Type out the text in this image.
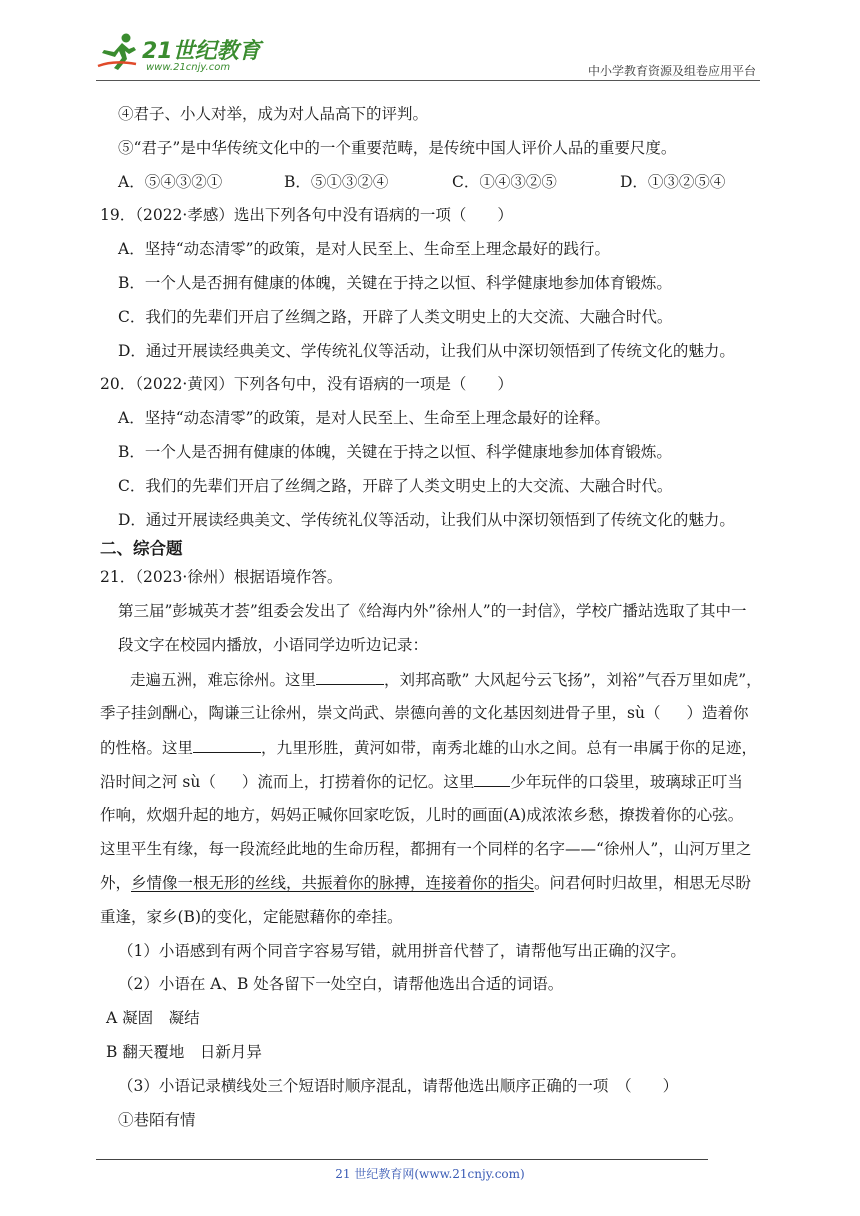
21世纪教育
www.21cnjy.com	中小学教育资源及组卷应用平台
④君子、小人对举，成为对人品高下的评判。
⑤“君子”是中华传统文化中的一个重要范畴，是传统中国人评价人品的重要尺度。
A．⑤④③②①	B．⑤①③②④	C．①④③②⑤	D．①③②⑤④
19．（2022·孝感）选出下列各句中没有语病的一项（　　）
A．坚持“动态清零”的政策，是对人民至上、生命至上理念最好的践行。
B．一个人是否拥有健康的体魄，关键在于持之以恒、科学健康地参加体育锻炼。
C．我们的先辈们开启了丝绸之路，开辟了人类文明史上的大交流、大融合时代。
D．通过开展读经典美文、学传统礼仪等活动，让我们从中深切领悟到了传统文化的魅力。
20．（2022·黄冈）下列各句中，没有语病的一项是（　　）
A．坚持“动态清零”的政策，是对人民至上、生命至上理念最好的诠释。
B．一个人是否拥有健康的体魄，关键在于持之以恒、科学健康地参加体育锻炼。
C．我们的先辈们开启了丝绸之路，开辟了人类文明史上的大交流、大融合时代。
D．通过开展读经典美文、学传统礼仪等活动，让我们从中深切领悟到了传统文化的魅力。
二、综合题
21．（2023·徐州）根据语境作答。
第三届”彭城英才荟”组委会发出了《给海内外”徐州人”的一封信》，学校广播站选取了其中一
段文字在校园内播放，小语同学边听边记录：
走遍五洲，难忘徐州。这里	，刘邦高歌” 大风起兮云飞扬”，刘裕”气吞万里如虎”，
季子挂剑酬心，陶谦三让徐州，崇文尚武、崇德向善的文化基因刻进骨子里，sù（ ）造着你
的性格。这里	，九里形胜，黄河如带，南秀北雄的山水之间。总有一串属于你的足迹，
沿时间之河 sù（ ）流而上，打捞着你的记忆。这里 少年玩伴的口袋里，玻璃球正叮当
作响，炊烟升起的地方，妈妈正喊你回家吃饭，儿时的画面(A)成浓浓乡愁，撩拨着你的心弦。
这里平生有缘，每一段流经此地的生命历程，都拥有一个同样的名字——“徐州人”，山河万里之
外，乡情像一根无形的丝线，共振着你的脉搏，连接着你的指尖。问君何时归故里，相思无尽盼
重逢，家乡(B)的变化，定能慰藉你的牵挂。
（1）小语感到有两个同音字容易写错，就用拼音代替了，请帮他写出正确的汉字。
（2）小语在 A、B 处各留下一处空白，请帮他选出合适的词语。
A 凝固　凝结
B 翻天覆地　日新月异
（3）小语记录横线处三个短语时顺序混乱，请帮他选出顺序正确的一项　（　　）
①巷陌有情
21 世纪教育网(www.21cnjy.com)
